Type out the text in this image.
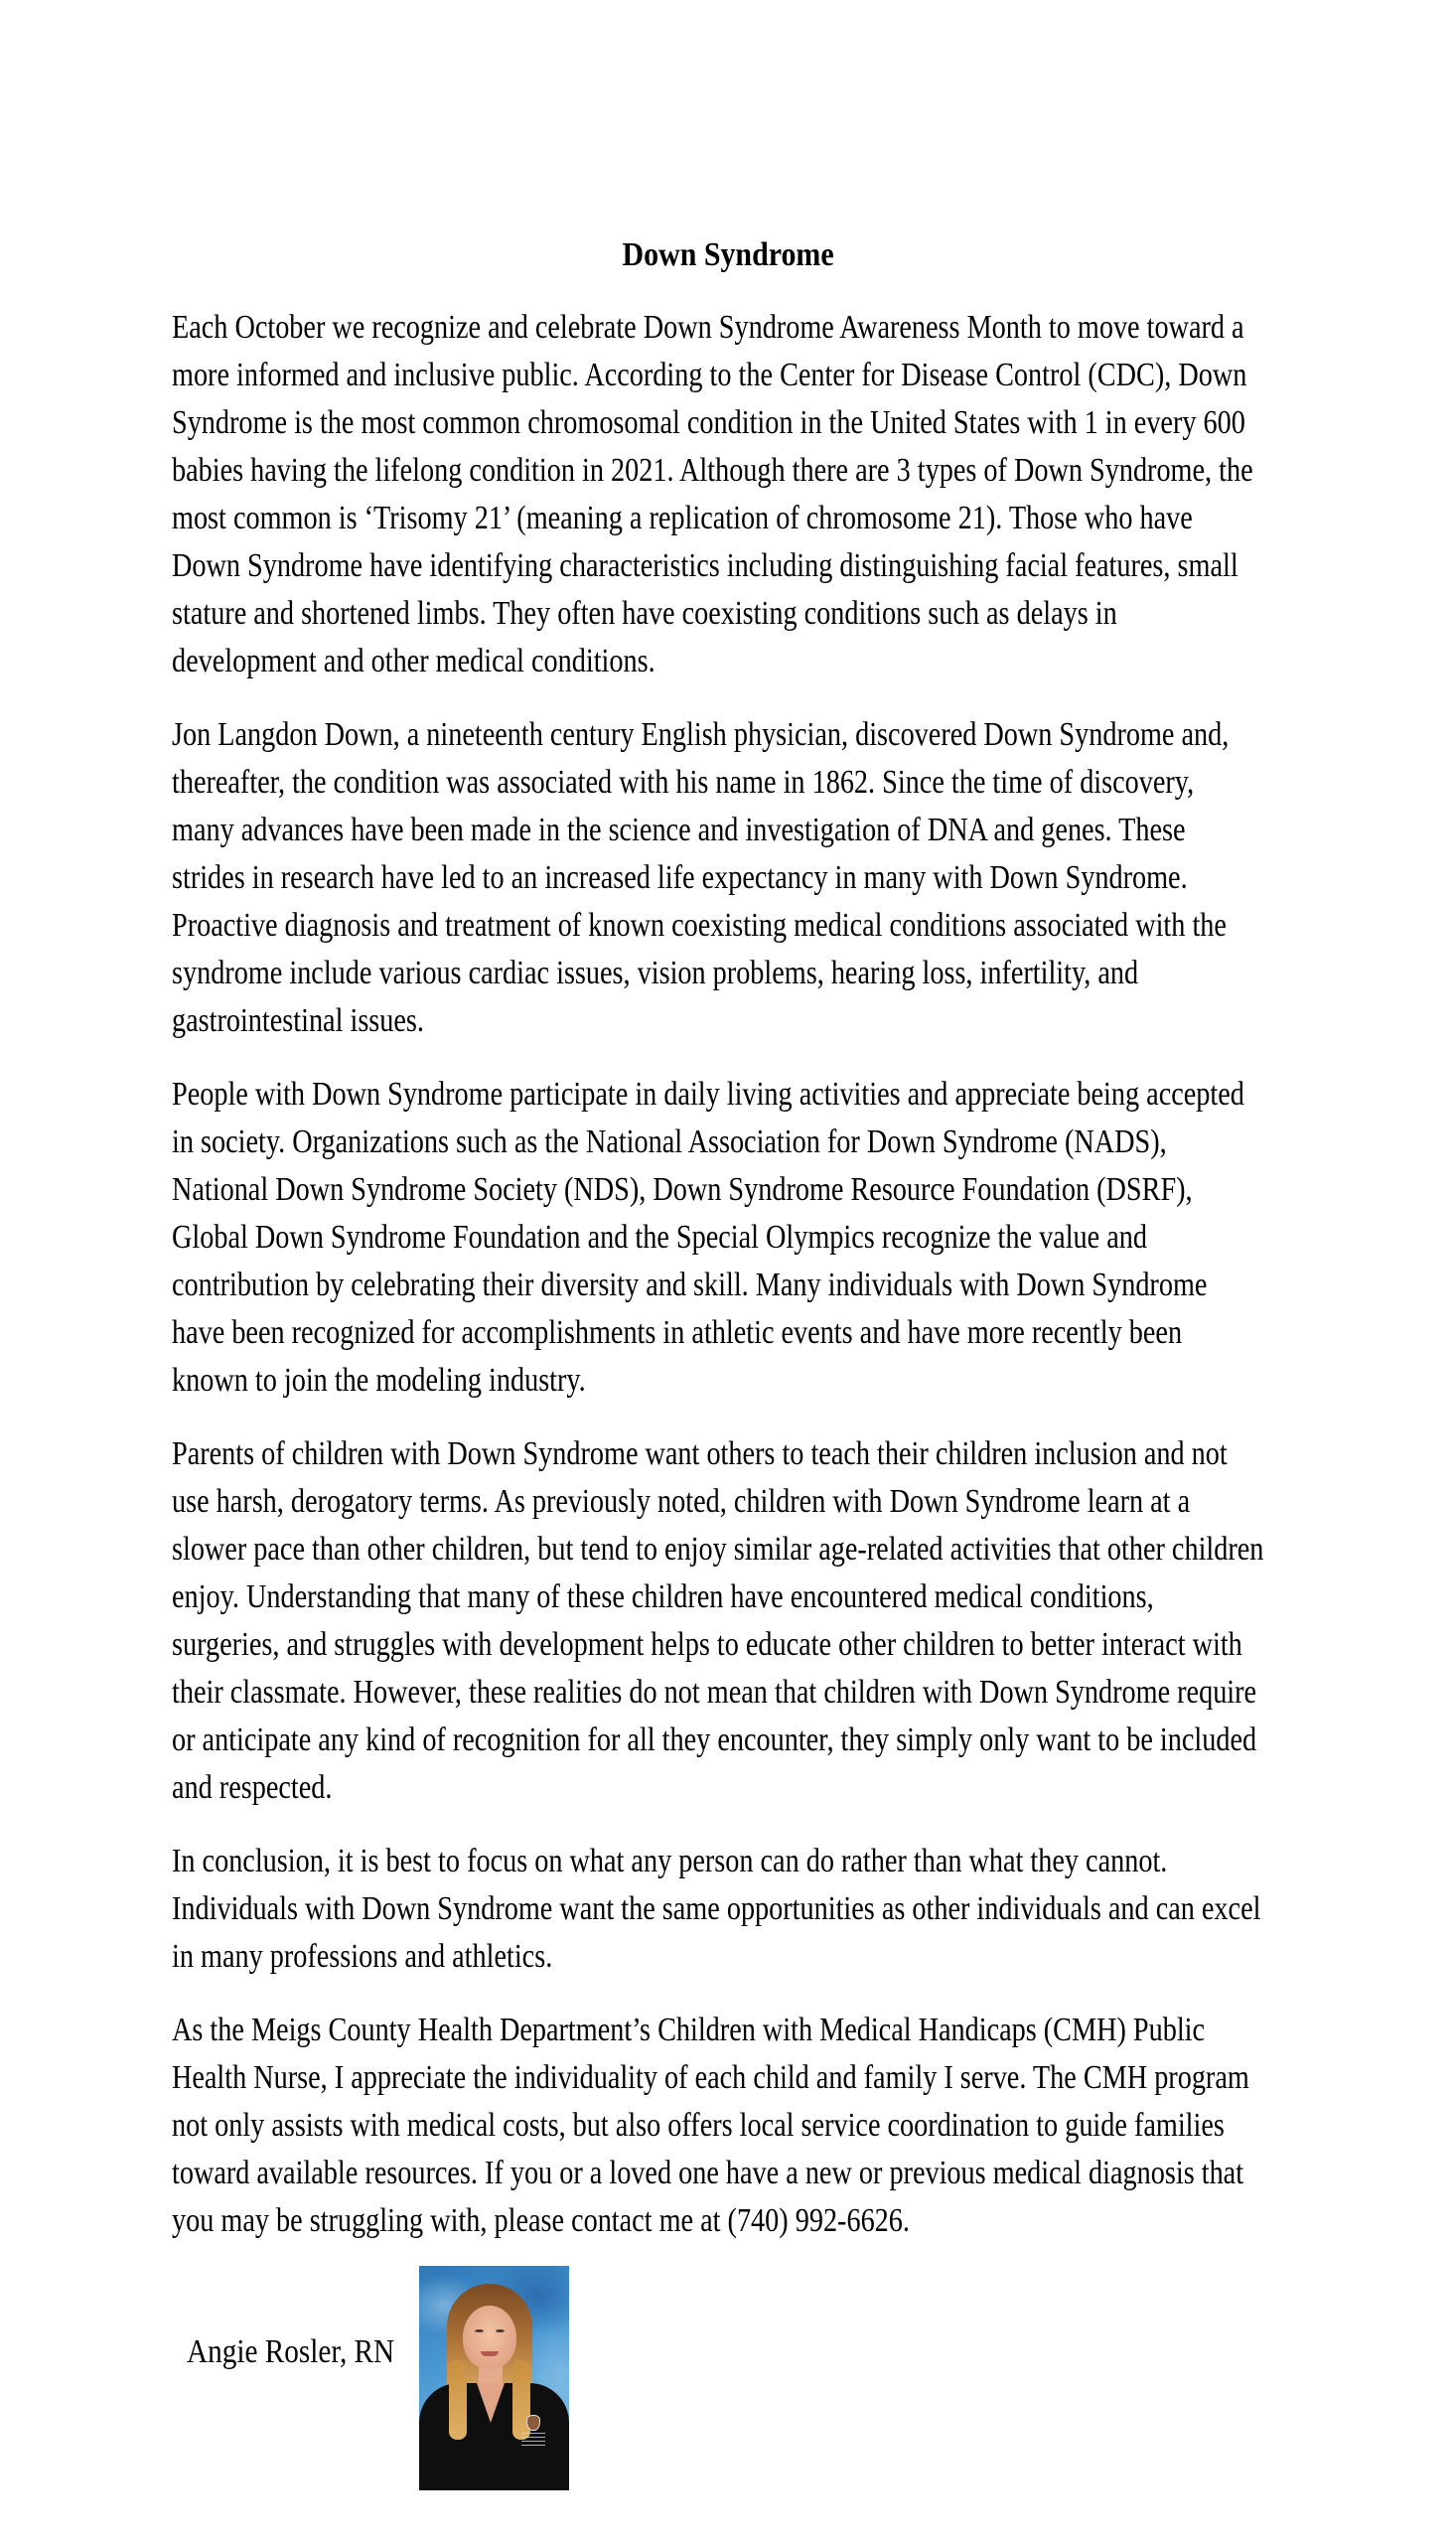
Down Syndrome
Each October we recognize and celebrate Down Syndrome Awareness Month to move toward a
more informed and inclusive public. According to the Center for Disease Control (CDC), Down
Syndrome is the most common chromosomal condition in the United States with 1 in every 600
babies having the lifelong condition in 2021. Although there are 3 types of Down Syndrome, the
most common is ‘Trisomy 21’ (meaning a replication of chromosome 21). Those who have
Down Syndrome have identifying characteristics including distinguishing facial features, small
stature and shortened limbs. They often have coexisting conditions such as delays in
development and other medical conditions.
Jon Langdon Down, a nineteenth century English physician, discovered Down Syndrome and,
thereafter, the condition was associated with his name in 1862. Since the time of discovery,
many advances have been made in the science and investigation of DNA and genes. These
strides in research have led to an increased life expectancy in many with Down Syndrome.
Proactive diagnosis and treatment of known coexisting medical conditions associated with the
syndrome include various cardiac issues, vision problems, hearing loss, infertility, and
gastrointestinal issues.
People with Down Syndrome participate in daily living activities and appreciate being accepted
in society. Organizations such as the National Association for Down Syndrome (NADS),
National Down Syndrome Society (NDS), Down Syndrome Resource Foundation (DSRF),
Global Down Syndrome Foundation and the Special Olympics recognize the value and
contribution by celebrating their diversity and skill. Many individuals with Down Syndrome
have been recognized for accomplishments in athletic events and have more recently been
known to join the modeling industry.
Parents of children with Down Syndrome want others to teach their children inclusion and not
use harsh, derogatory terms. As previously noted, children with Down Syndrome learn at a
slower pace than other children, but tend to enjoy similar age-related activities that other children
enjoy. Understanding that many of these children have encountered medical conditions,
surgeries, and struggles with development helps to educate other children to better interact with
their classmate. However, these realities do not mean that children with Down Syndrome require
or anticipate any kind of recognition for all they encounter, they simply only want to be included
and respected.
In conclusion, it is best to focus on what any person can do rather than what they cannot.
Individuals with Down Syndrome want the same opportunities as other individuals and can excel
in many professions and athletics.
As the Meigs County Health Department’s Children with Medical Handicaps (CMH) Public
Health Nurse, I appreciate the individuality of each child and family I serve. The CMH program
not only assists with medical costs, but also offers local service coordination to guide families
toward available resources. If you or a loved one have a new or previous medical diagnosis that
you may be struggling with, please contact me at (740) 992-6626.
Angie Rosler, RN
